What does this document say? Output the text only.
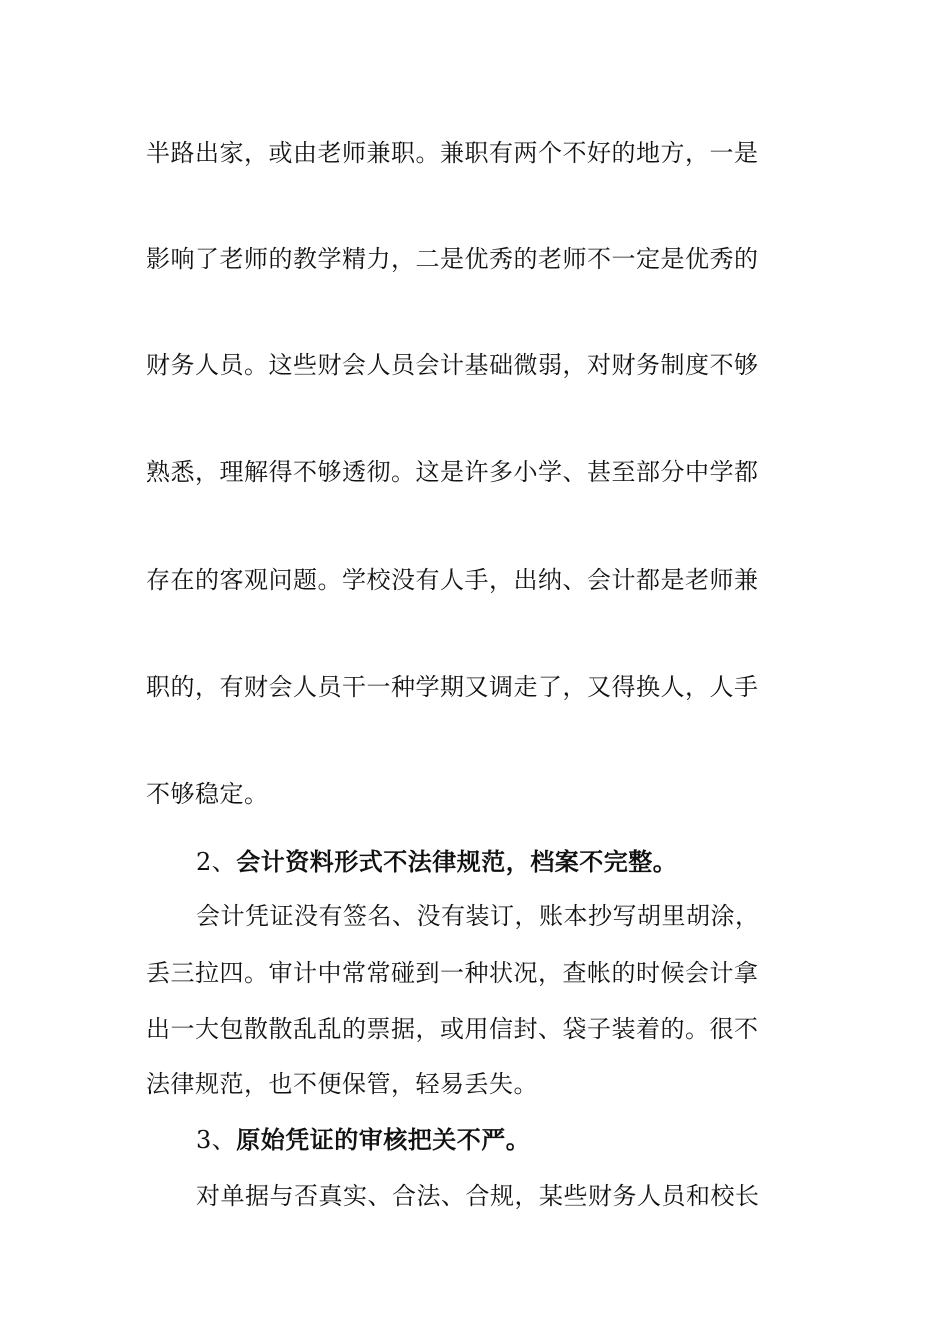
半路出家，或由老师兼职。兼职有两个不好的地方，一是
影响了老师的教学精力，二是优秀的老师不一定是优秀的
财务人员。这些财会人员会计基础微弱，对财务制度不够
熟悉，理解得不够透彻。这是许多小学、甚至部分中学都
存在的客观问题。学校没有人手，出纳、会计都是老师兼
职的，有财会人员干一种学期又调走了，又得换人，人手
不够稳定。
2、会计资料形式不法律规范，档案不完整。
会计凭证没有签名、没有装订，账本抄写胡里胡涂，
丢三拉四。审计中常常碰到一种状况，查帐的时候会计拿
出一大包散散乱乱的票据，或用信封、袋子装着的。很不
法律规范，也不便保管，轻易丢失。
3、原始凭证的审核把关不严。
对单据与否真实、合法、合规，某些财务人员和校长
